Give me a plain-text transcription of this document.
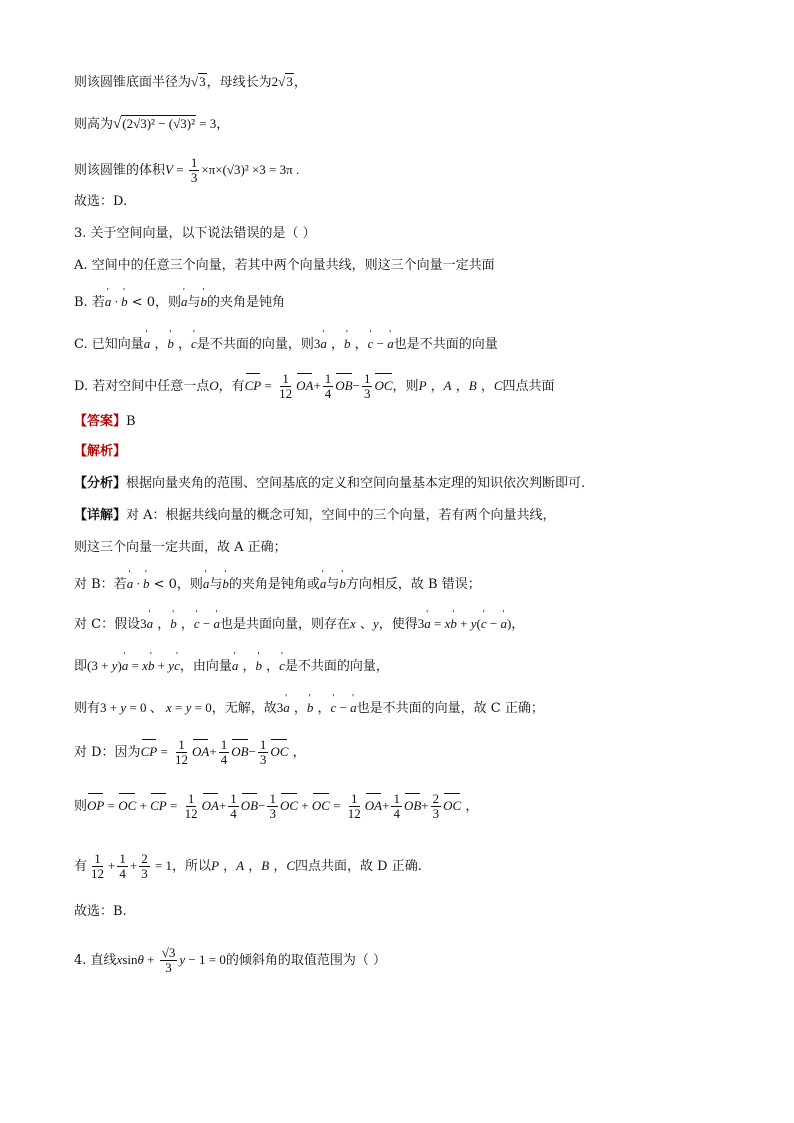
则该圆锥底面半径为√3，母线长为2√3，
则高为√(2√3)² − (√3)² = 3，
则该圆锥的体积$V = \frac{1}{3} \times\pi\times(√3)^2 \times 3 = 3\pi$ .
故选：D.
3. 关于空间向量，以下说法错误的是（ ）
A. 空间中的任意三个向量，若其中两个向量共线，则这三个向量一定共面
B. 若' a · ' b < 0，则' a与' b的夹角是钝角
C. 已知向量' a ，' b ，' c是不共面的向量，则3' a ，' b ，' c − ' a也是不共面的向量
D. 若对空间中任意一点O，有CP = $\frac{1}{12} OA+ \frac{1}{4} OB- \frac{1}{3}$ OC，则P ，A ，B ，C四点共面
【答案】B
【解析】
【分析】根据向量夹角的范围、空间基底的定义和空间向量基本定理的知识依次判断即可.
【详解】对 A：根据共线向量的概念可知，空间中的三个向量，若有两个向量共线，
则这三个向量一定共面，故 A 正确；
对 B：若' a · ' b < 0，则' a与' b的夹角是钝角或' a与' b方向相反，故 B 错误；
对 C：假设3' a ，' b ，' c − ' a也是共面向量，则存在x 、y，使得3' a = x' b + y(' c − ' a)，
即(3 + y)' a = x' b + y' c，由向量' a ，' b ，' c是不共面的向量，
则有3 + y = 0 、 x = y = 0，无解，故3' a ，' b ，' c − ' a也是不共面的向量，故 C 正确；
对 D：因为CP = $\frac{1}{12} OA+ \frac{1}{4} OB- \frac{1}{3}$ OC ，
则OP = OC + CP = $\frac{1}{12} OA+ \frac{1}{4} OB- \frac{1}{3}$ OC + OC = $\frac{1}{12} OA+ \frac{1}{4} OB+ \frac{2}{3}$ OC ，
有 $\frac{1}{12} + \frac{1}{4} + \frac{2}{3} = 1$，所以P ，A ，B ，C四点共面，故 D 正确.
故选：B.
4. 直线$xsin\theta + \frac{√3}{3}$ y − 1 = 0的倾斜角的取值范围为（ ）
